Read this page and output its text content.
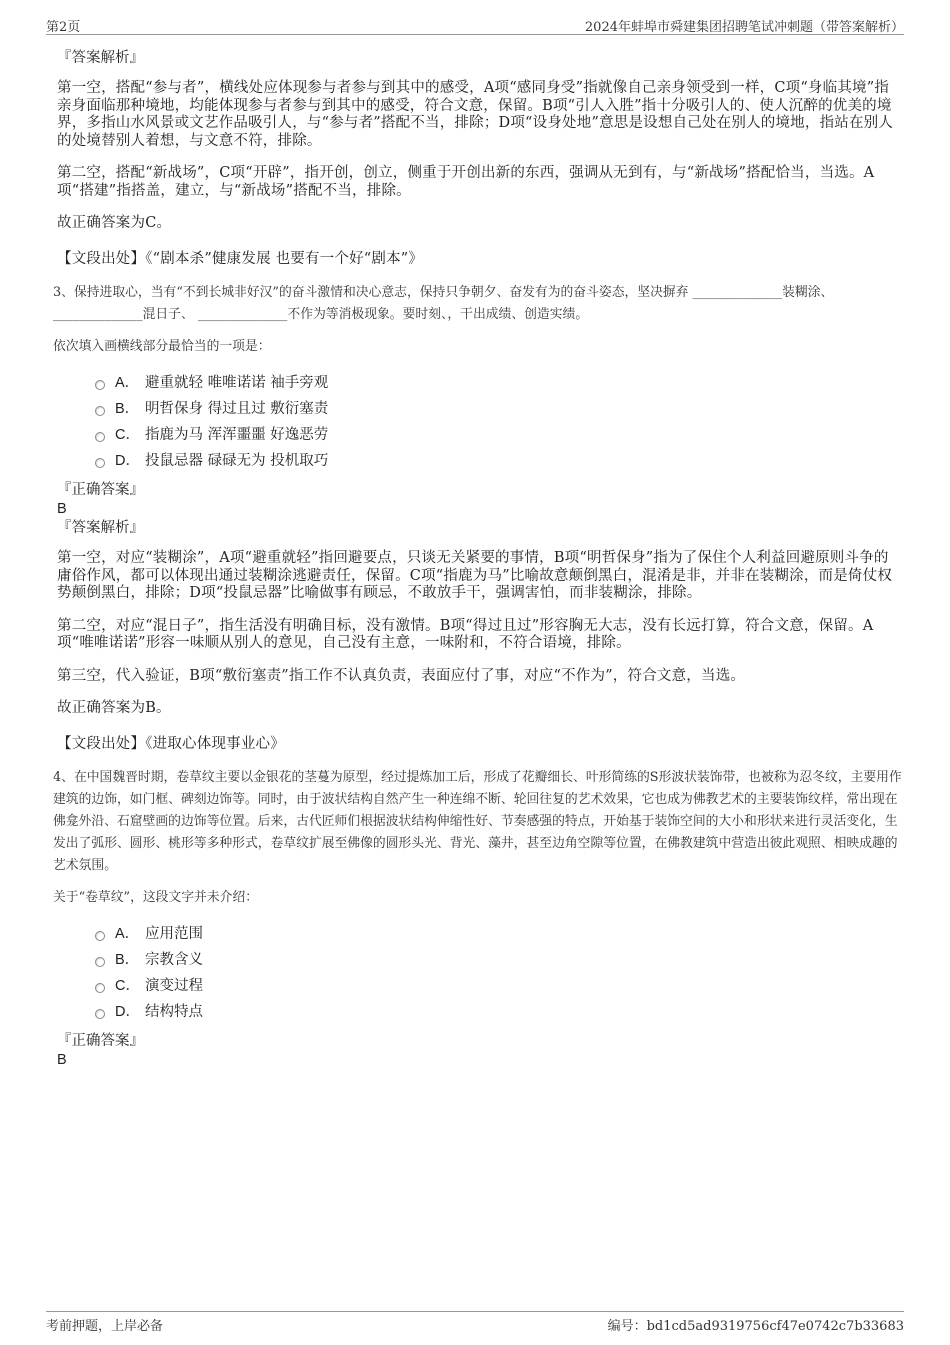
第2页	2024年蚌埠市舜建集团招聘笔试冲刺题（带答案解析）

『答案解析』

第一空，搭配“参与者”，横线处应体现参与者参与到其中的感受，A项“感同身受”指就像自己亲身领受到一样，C项“身临其境”指亲身面临那种境地，均能体现参与者参与到其中的感受，符合文意，保留。B项“引人入胜”指十分吸引人的、使人沉醉的优美的境界，多指山水风景或文艺作品吸引人，与“参与者”搭配不当，排除；D项“设身处地”意思是设想自己处在别人的境地，指站在别人的处境替别人着想，与文意不符，排除。

第二空，搭配“新战场”，C项“开辟”，指开创，创立，侧重于开创出新的东西，强调从无到有，与“新战场”搭配恰当，当选。A项“搭建”指搭盖，建立，与“新战场”搭配不当，排除。

故正确答案为C。

【文段出处】《“剧本杀”健康发展 也要有一个好“剧本”》

3、保持进取心，当有“不到长城非好汉”的奋斗激情和决心意志，保持只争朝夕、奋发有为的奋斗姿态，坚决摒弃 ______________装糊涂、______________混日子、 ______________不作为等消极现象。要时刻、，干出成绩、创造实绩。

依次填入画横线部分最恰当的一项是：

A． 避重就轻 唯唯诺诺 袖手旁观
B． 明哲保身 得过且过 敷衍塞责
C． 指鹿为马 浑浑噩噩 好逸恶劳
D． 投鼠忌器 碌碌无为 投机取巧

『正确答案』

B

『答案解析』

第一空，对应“装糊涂”，A项“避重就轻”指回避要点，只谈无关紧要的事情，B项“明哲保身”指为了保住个人利益回避原则斗争的庸俗作风，都可以体现出通过装糊涂逃避责任，保留。C项“指鹿为马”比喻故意颠倒黑白，混淆是非，并非在装糊涂，而是倚仗权势颠倒黑白，排除；D项“投鼠忌器”比喻做事有顾忌，不敢放手干，强调害怕，而非装糊涂，排除。

第二空，对应“混日子”，指生活没有明确目标，没有激情。B项“得过且过”形容胸无大志，没有长远打算，符合文意，保留。A项“唯唯诺诺”形容一味顺从别人的意见，自己没有主意，一味附和，不符合语境，排除。

第三空，代入验证，B项“敷衍塞责”指工作不认真负责，表面应付了事，对应“不作为”，符合文意，当选。

故正确答案为B。

【文段出处】《进取心体现事业心》

4、在中国魏晋时期，卷草纹主要以金银花的茎蔓为原型，经过提炼加工后，形成了花瓣细长、叶形简练的S形波状装饰带，也被称为忍冬纹，主要用作建筑的边饰，如门框、碑刻边饰等。同时，由于波状结构自然产生一种连绵不断、轮回往复的艺术效果，它也成为佛教艺术的主要装饰纹样，常出现在佛龛外沿、石窟壁画的边饰等位置。后来，古代匠师们根据波状结构伸缩性好、节奏感强的特点，开始基于装饰空间的大小和形状来进行灵活变化，生发出了弧形、圆形、桃形等多种形式，卷草纹扩展至佛像的圆形头光、背光、藻井，甚至边角空隙等位置，在佛教建筑中营造出彼此观照、相映成趣的艺术氛围。

关于“卷草纹”，这段文字并未介绍：

A． 应用范围
B． 宗教含义
C． 演变过程
D． 结构特点

『正确答案』

B

考前押题，上岸必备	编号：bd1cd5ad9319756cf47e0742c7b33683
